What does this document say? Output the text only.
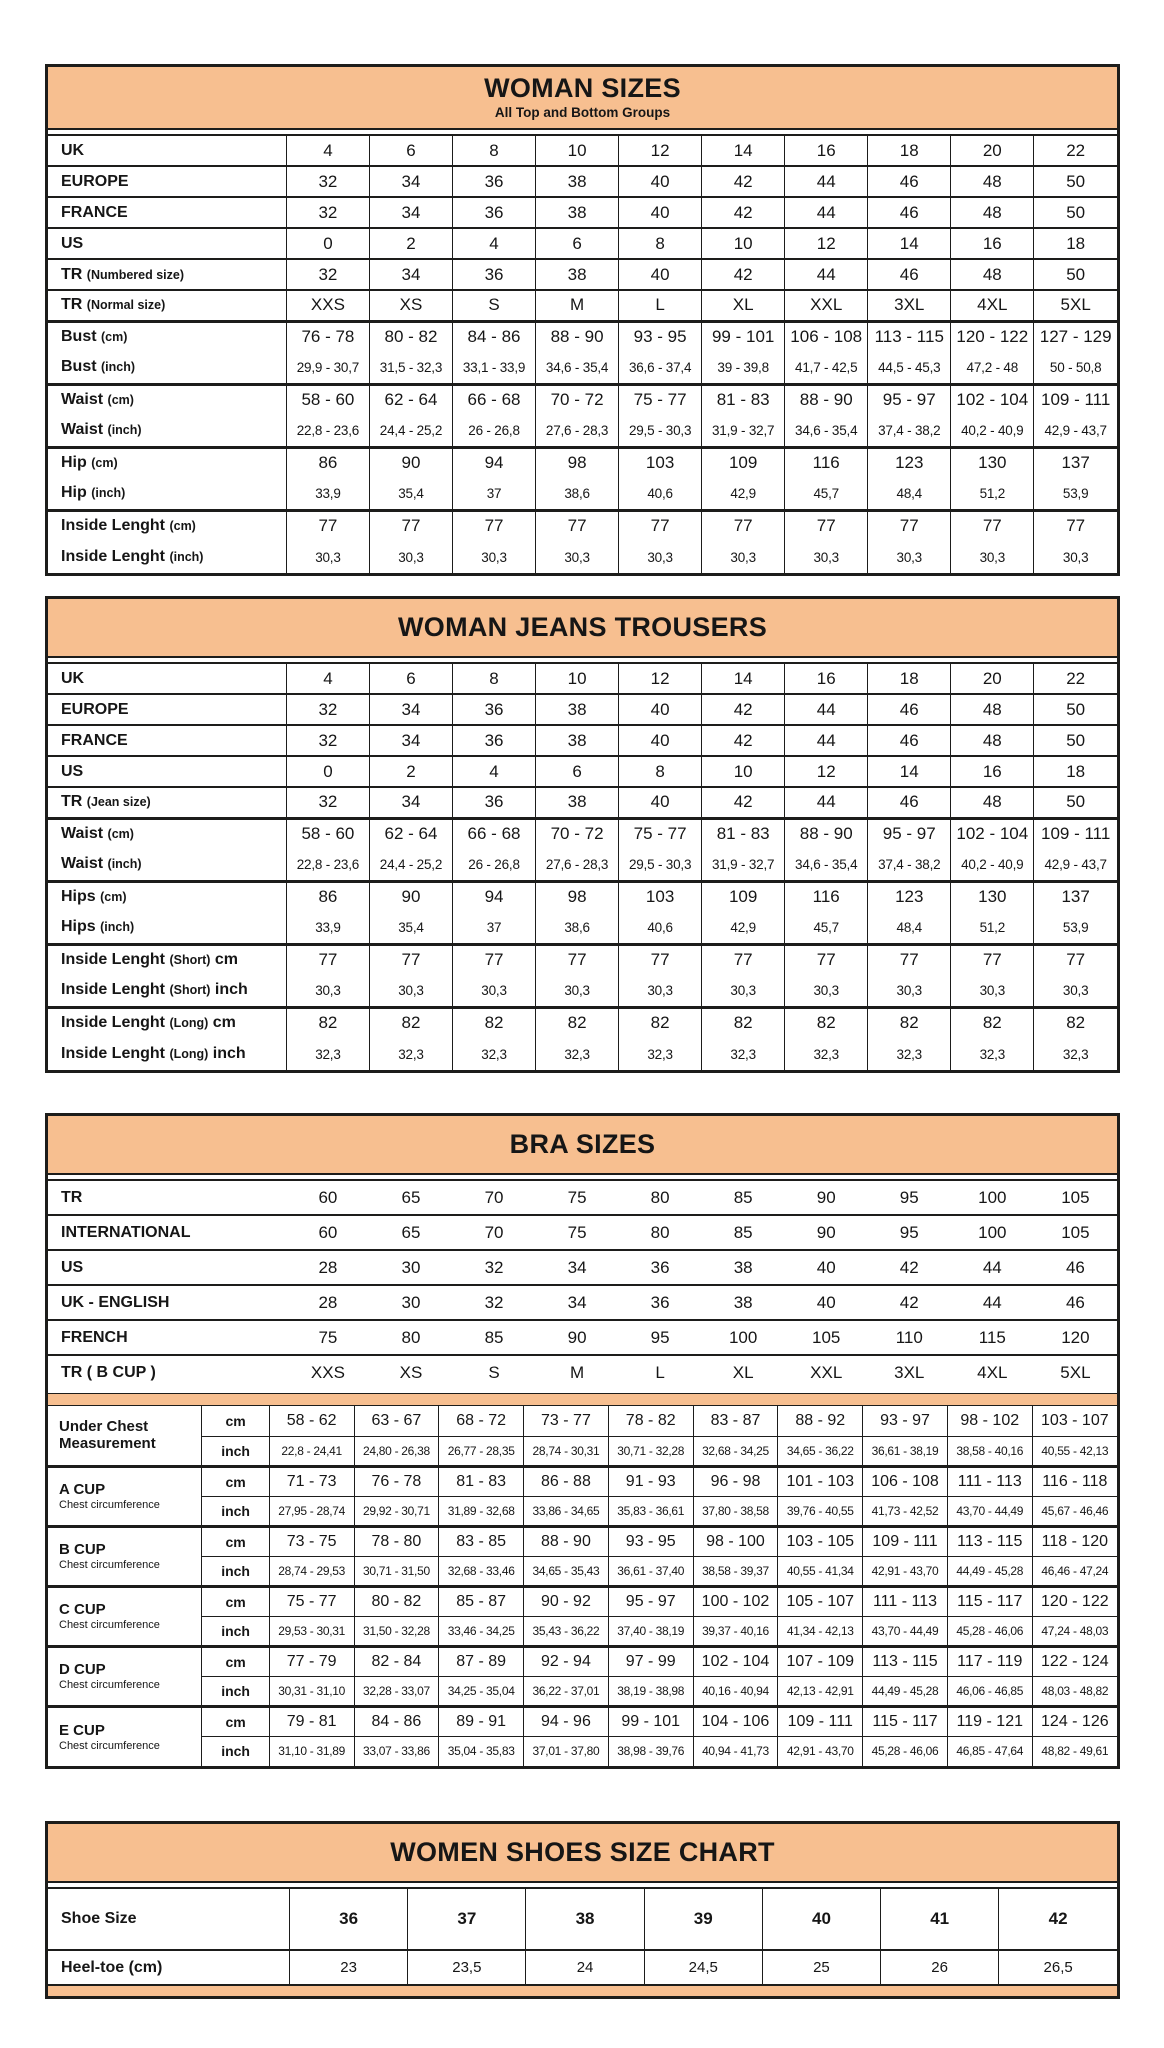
WOMAN SIZES
All Top and Bottom Groups
UK	4	6	8	10	12	14	16	18	20	22
EUROPE	32	34	36	38	40	42	44	46	48	50
FRANCE	32	34	36	38	40	42	44	46	48	50
US	0	2	4	6	8	10	12	14	16	18
TR (Numbered size)	32	34	36	38	40	42	44	46	48	50
TR (Normal size)	XXS	XS	S	M	L	XL	XXL	3XL	4XL	5XL
Bust (cm)	76 - 78	80 - 82	84 - 86	88 - 90	93 - 95	99 - 101	106 - 108	113 - 115	120 - 122	127 - 129
Bust (inch)	29,9 - 30,7	31,5 - 32,3	33,1 - 33,9	34,6 - 35,4	36,6 - 37,4	39 - 39,8	41,7 - 42,5	44,5 - 45,3	47,2 - 48	50 - 50,8
Waist (cm)	58 - 60	62 - 64	66 - 68	70 - 72	75 - 77	81 - 83	88 - 90	95 - 97	102 - 104	109 - 111
Waist (inch)	22,8 - 23,6	24,4 - 25,2	26 - 26,8	27,6 - 28,3	29,5 - 30,3	31,9 - 32,7	34,6 - 35,4	37,4 - 38,2	40,2 - 40,9	42,9 - 43,7
Hip (cm)	86	90	94	98	103	109	116	123	130	137
Hip (inch)	33,9	35,4	37	38,6	40,6	42,9	45,7	48,4	51,2	53,9
Inside Lenght (cm)	77	77	77	77	77	77	77	77	77	77
Inside Lenght (inch)	30,3	30,3	30,3	30,3	30,3	30,3	30,3	30,3	30,3	30,3
WOMAN JEANS TROUSERS
UK	4	6	8	10	12	14	16	18	20	22
EUROPE	32	34	36	38	40	42	44	46	48	50
FRANCE	32	34	36	38	40	42	44	46	48	50
US	0	2	4	6	8	10	12	14	16	18
TR (Jean size)	32	34	36	38	40	42	44	46	48	50
Waist (cm)	58 - 60	62 - 64	66 - 68	70 - 72	75 - 77	81 - 83	88 - 90	95 - 97	102 - 104	109 - 111
Waist (inch)	22,8 - 23,6	24,4 - 25,2	26 - 26,8	27,6 - 28,3	29,5 - 30,3	31,9 - 32,7	34,6 - 35,4	37,4 - 38,2	40,2 - 40,9	42,9 - 43,7
Hips (cm)	86	90	94	98	103	109	116	123	130	137
Hips (inch)	33,9	35,4	37	38,6	40,6	42,9	45,7	48,4	51,2	53,9
Inside Lenght (Short) cm	77	77	77	77	77	77	77	77	77	77
Inside Lenght (Short) inch	30,3	30,3	30,3	30,3	30,3	30,3	30,3	30,3	30,3	30,3
Inside Lenght (Long) cm	82	82	82	82	82	82	82	82	82	82
Inside Lenght (Long) inch	32,3	32,3	32,3	32,3	32,3	32,3	32,3	32,3	32,3	32,3
BRA SIZES
TR	60	65	70	75	80	85	90	95	100	105
INTERNATIONAL	60	65	70	75	80	85	90	95	100	105
US	28	30	32	34	36	38	40	42	44	46
UK - ENGLISH	28	30	32	34	36	38	40	42	44	46
FRENCH	75	80	85	90	95	100	105	110	115	120
TR ( B CUP )	XXS	XS	S	M	L	XL	XXL	3XL	4XL	5XL
Under Chest Measurement	cm	58 - 62	63 - 67	68 - 72	73 - 77	78 - 82	83 - 87	88 - 92	93 - 97	98 - 102	103 - 107
	inch	22,8 - 24,41	24,80 - 26,38	26,77 - 28,35	28,74 - 30,31	30,71 - 32,28	32,68 - 34,25	34,65 - 36,22	36,61 - 38,19	38,58 - 40,16	40,55 - 42,13

A CUP
Chest circumference	cm	71 - 73	76 - 78	81 - 83	86 - 88	91 - 93	96 - 98	101 - 103	106 - 108	111 - 113	116 - 118
	inch	27,95 - 28,74	29,92 - 30,71	31,89 - 32,68	33,86 - 34,65	35,83 - 36,61	37,80 - 38,58	39,76 - 40,55	41,73 - 42,52	43,70 - 44,49	45,67 - 46,46

B CUP
Chest circumference	cm	73 - 75	78 - 80	83 - 85	88 - 90	93 - 95	98 - 100	103 - 105	109 - 111	113 - 115	118 - 120
	inch	28,74 - 29,53	30,71 - 31,50	32,68 - 33,46	34,65 - 35,43	36,61 - 37,40	38,58 - 39,37	40,55 - 41,34	42,91 - 43,70	44,49 - 45,28	46,46 - 47,24

C CUP
Chest circumference	cm	75 - 77	80 - 82	85 - 87	90 - 92	95 - 97	100 - 102	105 - 107	111 - 113	115 - 117	120 - 122
	inch	29,53 - 30,31	31,50 - 32,28	33,46 - 34,25	35,43 - 36,22	37,40 - 38,19	39,37 - 40,16	41,34 - 42,13	43,70 - 44,49	45,28 - 46,06	47,24 - 48,03

D CUP
Chest circumference	cm	77 - 79	82 - 84	87 - 89	92 - 94	97 - 99	102 - 104	107 - 109	113 - 115	117 - 119	122 - 124
	inch	30,31 - 31,10	32,28 - 33,07	34,25 - 35,04	36,22 - 37,01	38,19 - 38,98	40,16 - 40,94	42,13 - 42,91	44,49 - 45,28	46,06 - 46,85	48,03 - 48,82

E CUP
Chest circumference	cm	79 - 81	84 - 86	89 - 91	94 - 96	99 - 101	104 - 106	109 - 111	115 - 117	119 - 121	124 - 126
	inch	31,10 - 31,89	33,07 - 33,86	35,04 - 35,83	37,01 - 37,80	38,98 - 39,76	40,94 - 41,73	42,91 - 43,70	45,28 - 46,06	46,85 - 47,64	48,82 - 49,61
WOMEN SHOES SIZE CHART
Shoe Size	36	37	38	39	40	41	42
Heel-toe (cm)	23	23,5	24	24,5	25	26	26,5
